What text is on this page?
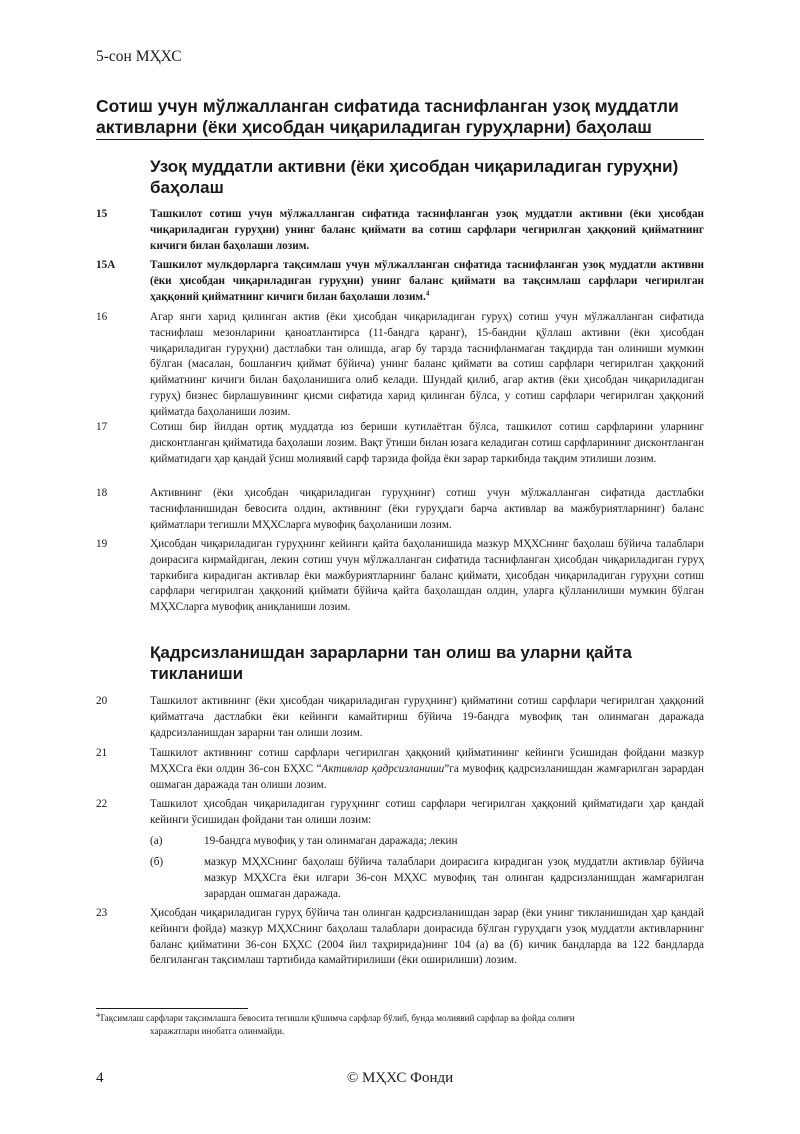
5-сон МҲХС
Сотиш учун мўлжалланган сифатида таснифланган узоқ муддатли активларни (ёки ҳисобдан чиқариладиган гуруҳларни) баҳолаш
Узоқ муддатли активни (ёки ҳисобдан чиқариладиган гуруҳни) баҳолаш
15	Ташкилот сотиш учун мўлжалланган сифатида таснифланган узоқ муддатли активни (ёки ҳисобдан чиқариладиган гуруҳни) унинг баланс қиймати ва сотиш сарфлари чегирилган ҳаққоний қийматнинг кичиги билан баҳолаши лозим.
15A	Ташкилот мулкдорларга тақсимлаш учун мўлжалланган сифатида таснифланган узоқ муддатли активни (ёки ҳисобдан чиқариладиган гуруҳни) унинг баланс қиймати ва тақсимлаш сарфлари чегирилган ҳаққоний қийматнинг кичиги билан баҳолаши лозим.$^4$
16	Агар янги харид қилинган актив (ёки ҳисобдан чиқариладиган гуруҳ) сотиш учун мўлжалланган сифатида таснифлаш мезонларини қаноатлантирса (11-бандга қаранг), 15-бандни қўллаш активни (ёки ҳисобдан чиқариладиган гуруҳни) дастлабки тан олишда, агар бу тарзда таснифланмаган тақдирда тан олиниши мумкин бўлган (масалан, бошланғич қиймат бўйича) унинг баланс қиймати ва сотиш сарфлари чегирилган ҳаққоний қийматнинг кичиги билан баҳоланишига олиб келади. Шундай қилиб, агар актив (ёки ҳисобдан чиқариладиган гуруҳ) бизнес бирлашувининг қисми сифатида харид қилинган бўлса, у сотиш сарфлари чегирилган ҳаққоний қийматда баҳоланиши лозим.
17	Сотиш бир йилдан ортиқ муддатда юз бериши кутилаётган бўлса, ташкилот сотиш сарфларини уларнинг дисконтланган қийматида баҳолаши лозим. Вақт ўтиши билан юзага келадиган сотиш сарфларининг дисконтланган қийматидаги ҳар қандай ўсиш молиявий сарф тарзида фойда ёки зарар таркибида тақдим этилиши лозим.
18	Активнинг (ёки ҳисобдан чиқариладиган гуруҳнинг) сотиш учун мўлжалланган сифатида дастлабки таснифланишидан бевосита олдин, активнинг (ёки гуруҳдаги барча активлар ва мажбуриятларнинг) баланс қийматлари тегишли МҲХСларга мувофиқ баҳоланиши лозим.
19	Ҳисобдан чиқариладиган гуруҳнинг кейинги қайта баҳоланишида мазкур МҲХСнинг баҳолаш бўйича талаблари доирасига кирмайдиган, лекин сотиш учун мўлжалланган сифатида таснифланган ҳисобдан чиқариладиган гуруҳ таркибига кирадиган активлар ёки мажбуриятларнинг баланс қиймати, ҳисобдан чиқариладиган гуруҳни сотиш сарфлари чегирилган ҳаққоний қиймати бўйича қайта баҳолашдан олдин, уларга қўлланилиши мумкин бўлган МҲХСларга мувофиқ аниқланиши лозим.
Қадрсизланишдан зарарларни тан олиш ва уларни қайта тикланиши
20	Ташкилот активнинг (ёки ҳисобдан чиқариладиган гуруҳнинг) қийматини сотиш сарфлари чегирилган ҳаққоний қийматгача дастлабки ёки кейинги камайтириш бўйича 19-бандга мувофиқ тан олинмаган даражада қадрсизланишдан зарарни тан олиши лозим.
21	Ташкилот активнинг сотиш сарфлари чегирилган ҳаққоний қийматининг кейинги ўсишидан фойдани мазкур МҲХСга ёки олдин 36-сон БҲХС “Активлар қадрсизланиши”га мувофиқ қадрсизланишдан жамғарилган зарардан ошмаган даражада тан олиши лозим.
22	Ташкилот ҳисобдан чиқариладиган гуруҳнинг сотиш сарфлари чегирилган ҳаққоний қийматидаги ҳар қандай кейинги ўсишидан фойдани тан олиши лозим:
(а)	19-бандга мувофиқ у тан олинмаган даражада; лекин
(б)	мазкур МҲХСнинг баҳолаш бўйича талаблари доирасига кирадиган узоқ муддатли активлар бўйича мазкур МҲХСга ёки илгари 36-сон МҲХС мувофиқ тан олинган қадрсизланишдан жамғарилган зарардан ошмаган даражада.
23	Ҳисобдан чиқариладиган гуруҳ бўйича тан олинган қадрсизланишдан зарар (ёки унинг тикланишидан ҳар қандай кейинги фойда) мазкур МҲХСнинг баҳолаш талаблари доирасида бўлган гуруҳдаги узоқ муддатли активларнинг баланс қийматини 36-сон БҲХС (2004 йил таҳририда)нинг 104 (а) ва (б) кичик бандларда ва 122 бандларда белгиланган тақсимлаш тартибида камайтирилиши (ёки оширилиши) лозим.
$^4$Тақсимлаш сарфлари тақсимлашга бевосита тегишли қўшимча сарфлар бўлиб, бунда молиявий сарфлар ва фойда солиғи
харажатлари инобатга олинмайди.
4	© МҲХС Фонди
